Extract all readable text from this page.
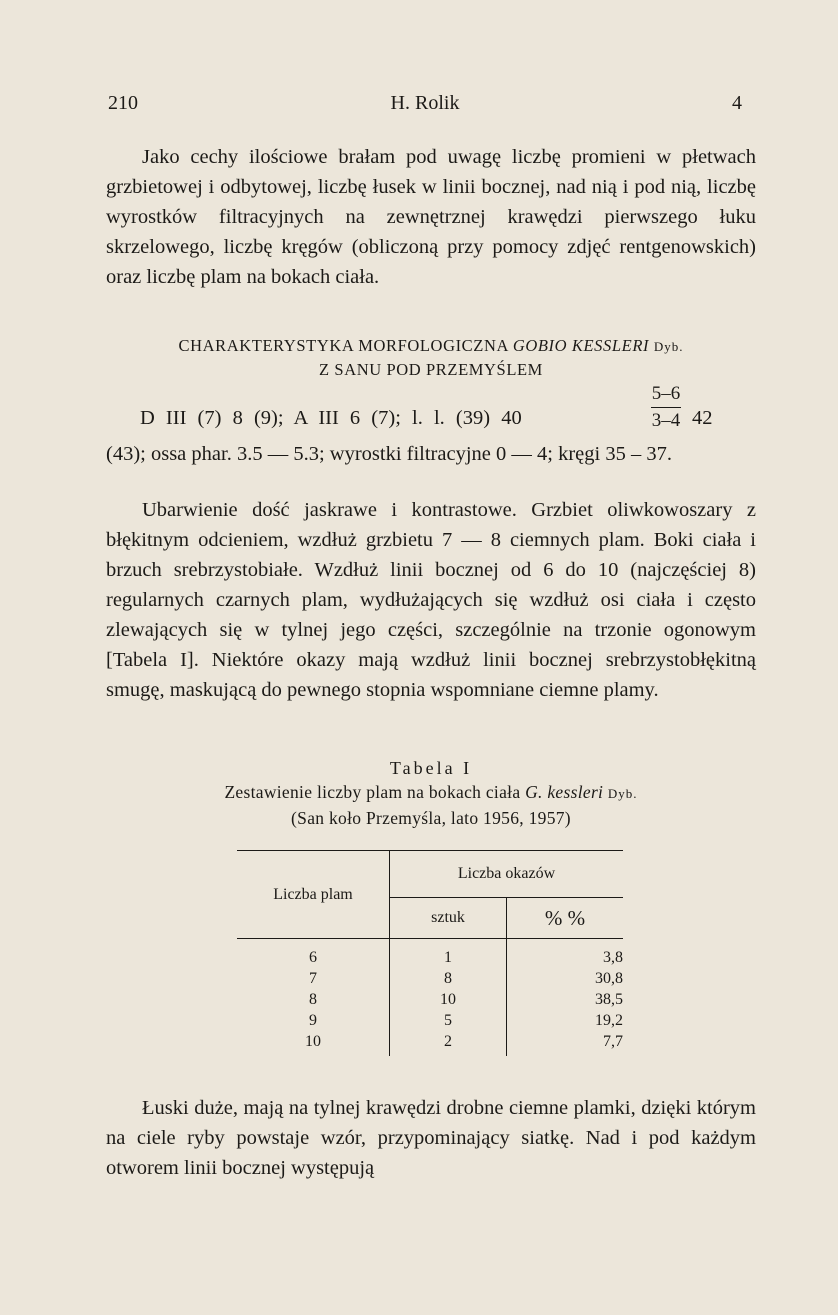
210	H. Rolik	4

Jako cechy ilościowe brałam pod uwagę liczbę promieni w płetwach grzbietowej i odbytowej, liczbę łusek w linii bocznej, nad nią i pod nią, liczbę wyrostków filtracyjnych na zewnętrznej krawędzi pierwszego łuku skrzelowego, liczbę kręgów (obliczoną przy pomocy zdjęć rentgenowskich) oraz liczbę plam na bokach ciała.

CHARAKTERYSTYKA MORFOLOGICZNA GOBIO KESSLERI Dyb.
Z SANU POD PRZEMYŚLEM
D III (7) 8 (9); A III 6 (7); l. l. (39) 40
5–6
3–4 42
(43); ossa phar. 3.5 — 5.3; wyrostki filtracyjne 0 — 4; kręgi 35 – 37.

Ubarwienie dość jaskrawe i kontrastowe. Grzbiet oliwkowoszary z błękitnym odcieniem, wzdłuż grzbietu 7 — 8 ciemnych plam. Boki ciała i brzuch srebrzystobiałe. Wzdłuż linii bocznej od 6 do 10 (najczęściej 8) regularnych czarnych plam, wydłużających się wzdłuż osi ciała i często zlewających się w tylnej jego części, szczególnie na trzonie ogonowym [Tabela I]. Niektóre okazy mają wzdłuż linii bocznej srebrzystobłękitną smugę, maskującą do pewnego stopnia wspomniane ciemne plamy.

Tabela I
Zestawienie liczby plam na bokach ciała G. kessleri Dyb.
(San koło Przemyśla, lato 1956, 1957)
Liczba plam	Liczba okazów	
	sztuk	% %
6	1	3,8
7	8	30,8
8	10	38,5
9	5	19,2
10	2	7,7

Łuski duże, mają na tylnej krawędzi drobne ciemne plamki, dzięki którym na ciele ryby powstaje wzór, przypominający siatkę. Nad i pod każdym otworem linii bocznej występują
